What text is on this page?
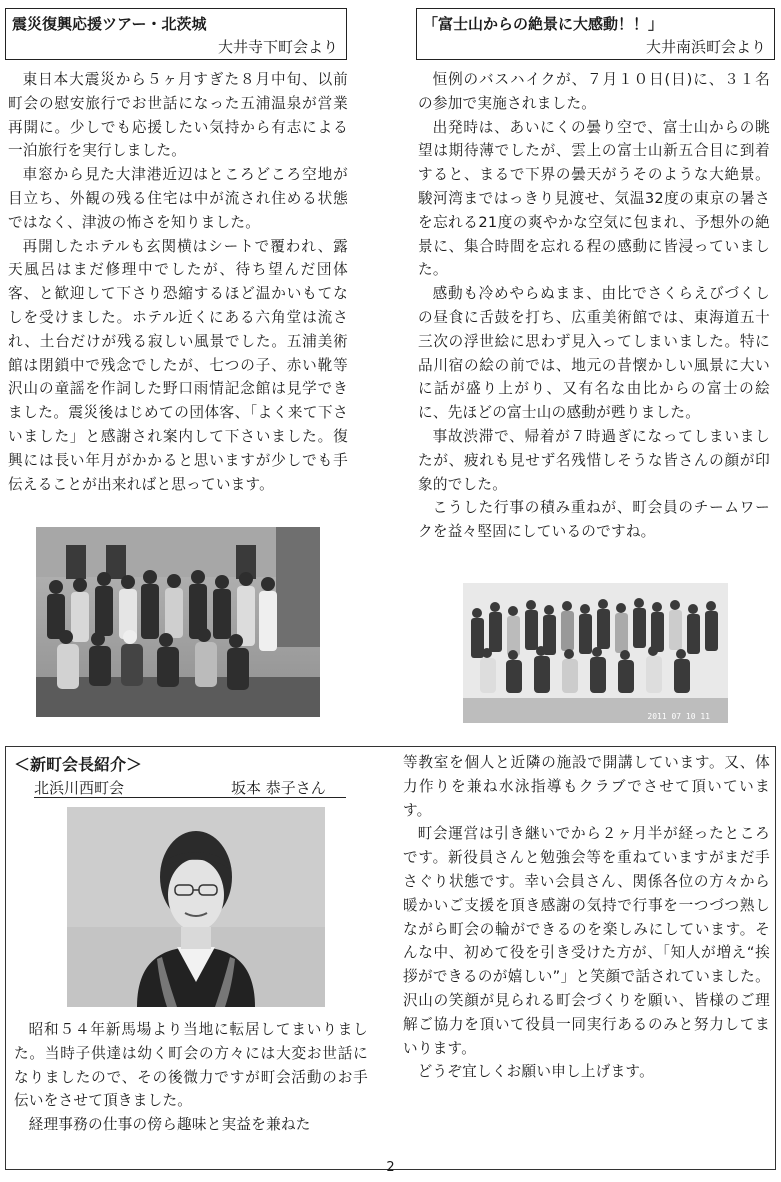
震災復興応援ツアー・北茨城
大井寺下町会より

東日本大震災から５ヶ月すぎた８月中旬、以前町会の慰安旅行でお世話になった五浦温泉が営業再開に。少しでも応援したい気持から有志による一泊旅行を実行しました。

車窓から見た大津港近辺はところどころ空地が目立ち、外観の残る住宅は中が流され住める状態ではなく、津波の怖さを知りました。

再開したホテルも玄関横はシートで覆われ、露天風呂はまだ修理中でしたが、待ち望んだ団体客、と歓迎して下さり恐縮するほど温かいもてなしを受けました。ホテル近くにある六角堂は流され、土台だけが残る寂しい風景でした。五浦美術館は閉鎖中で残念でしたが、七つの子、赤い靴等沢山の童謡を作詞した野口雨情記念館は見学できました。震災後はじめての団体客、「よく来て下さいました」と感謝され案内して下さいました。復興には長い年月がかかると思いますが少しでも手伝えることが出来ればと思っています。

「富士山からの絶景に大感動！！」
大井南浜町会より

恒例のバスハイクが、７月１０日(日)に、３１名の参加で実施されました。

出発時は、あいにくの曇り空で、富士山からの眺望は期待薄でしたが、雲上の富士山新五合目に到着すると、まるで下界の曇天がうそのような大絶景。駿河湾まではっきり見渡せ、気温32度の東京の暑さを忘れる21度の爽やかな空気に包まれ、予想外の絶景に、集合時間を忘れる程の感動に皆浸っていました。

感動も冷めやらぬまま、由比でさくらえびづくしの昼食に舌鼓を打ち、広重美術館では、東海道五十三次の浮世絵に思わず見入ってしまいました。特に品川宿の絵の前では、地元の昔懐かしい風景に大いに話が盛り上がり、又有名な由比からの富士の絵に、先ほどの富士山の感動が甦りました。

事故渋滞で、帰着が７時過ぎになってしまいましたが、疲れも見せず名残惜しそうな皆さんの顔が印象的でした。

こうした行事の積み重ねが、町会員のチームワークを益々堅固にしているのですね。

2011 07 10 11
＜新町会長紹介＞
北浜川西町会	坂本 恭子さん

昭和５４年新馬場より当地に転居してまいりました。当時子供達は幼く町会の方々には大変お世話になりましたので、その後微力ですが町会活動のお手伝いをさせて頂きました。

経理事務の仕事の傍ら趣味と実益を兼ねた

等教室を個人と近隣の施設で開講しています。又、体力作りを兼ね水泳指導もクラブでさせて頂いています。

町会運営は引き継いでから２ヶ月半が経ったところです。新役員さんと勉強会等を重ねていますがまだ手さぐり状態です。幸い会員さん、関係各位の方々から暖かいご支援を頂き感謝の気持で行事を一つづつ熟しながら町会の輪ができるのを楽しみにしています。そんな中、初めて役を引き受けた方が、「知人が増え“挨拶ができるのが嬉しい”」と笑顔で話されていました。沢山の笑顔が見られる町会づくりを願い、皆様のご理解ご協力を頂いて役員一同実行あるのみと努力してまいります。

どうぞ宜しくお願い申し上げます。

2
